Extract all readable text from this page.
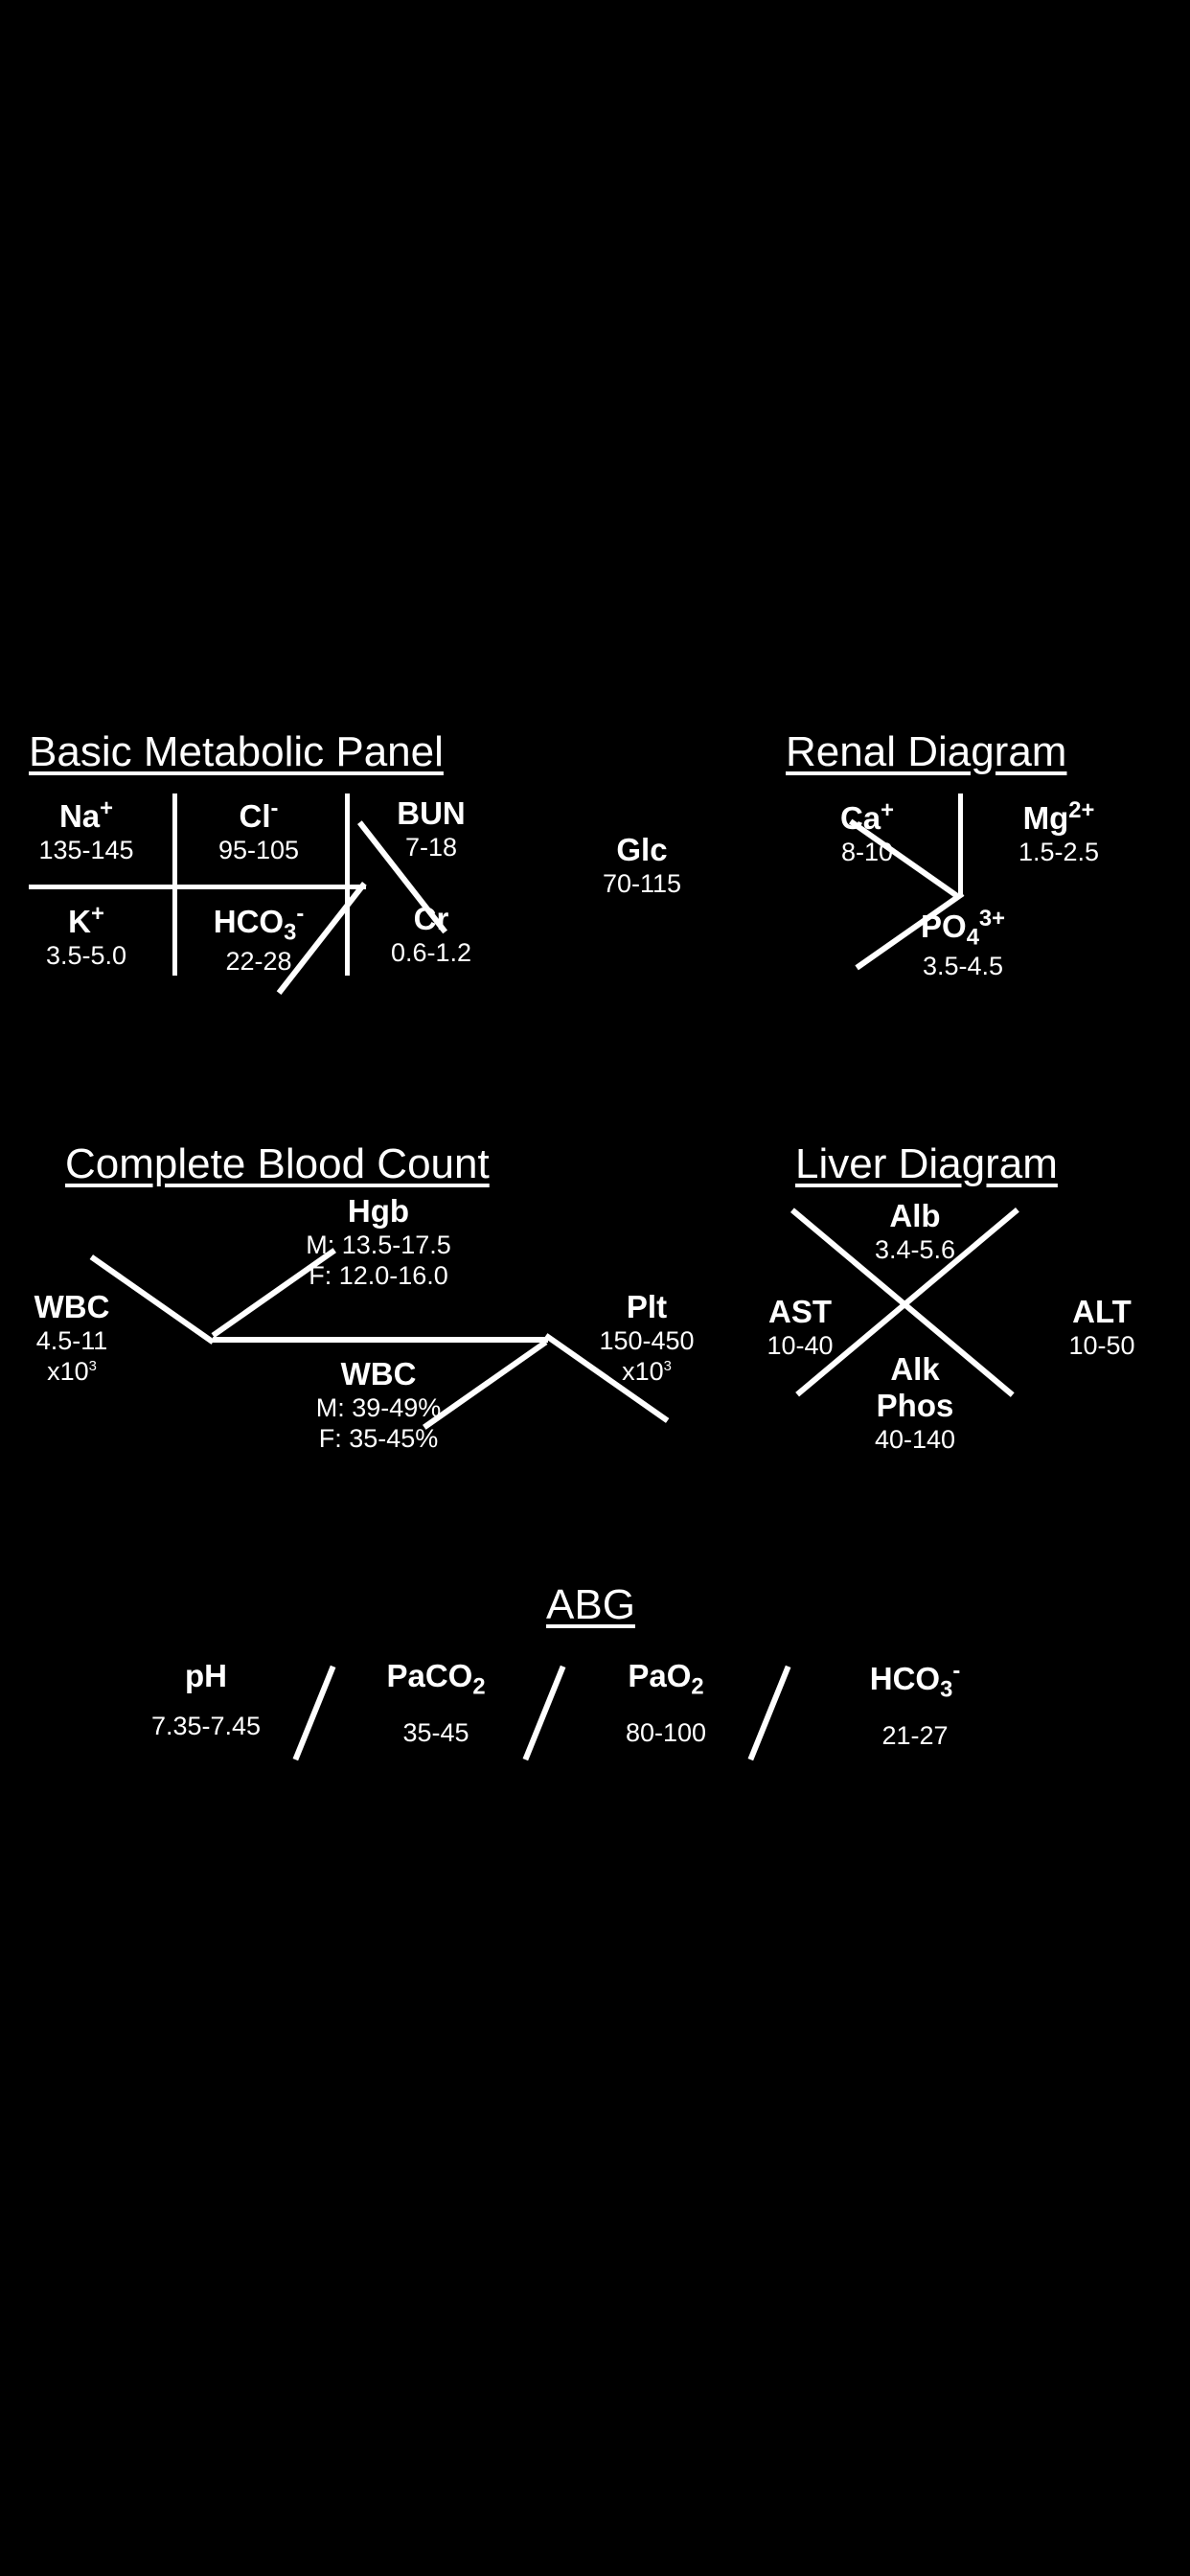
Basic Metabolic Panel
Na+
135-145
Cl-
95-105
BUN
7-18	Glc
70-115
K+
3.5-5.0
$HCO_3^-$
22-28
Cr
0.6-1.2
Renal Diagram
Ca+
8-10
$Mg^{2+}$
1.5-2.5
$PO_4^{3+}$
3.5-4.5
Complete Blood Count
WBC
4.5-11
$x10^3$
Hgb
M: 13.5-17.5
F: 12.0-16.0
Plt
150-450
$x10^3$
WBC
M: 39-49%
F: 35-45%
Liver Diagram
AST
10-40
Alb
3.4-5.6
ALT
10-50
Alk
Phos
40-140
ABG
pH
7.35-7.45
PaCO$_2$
35-45
PaO$_2$
80-100
$HCO_3^-$
21-27
